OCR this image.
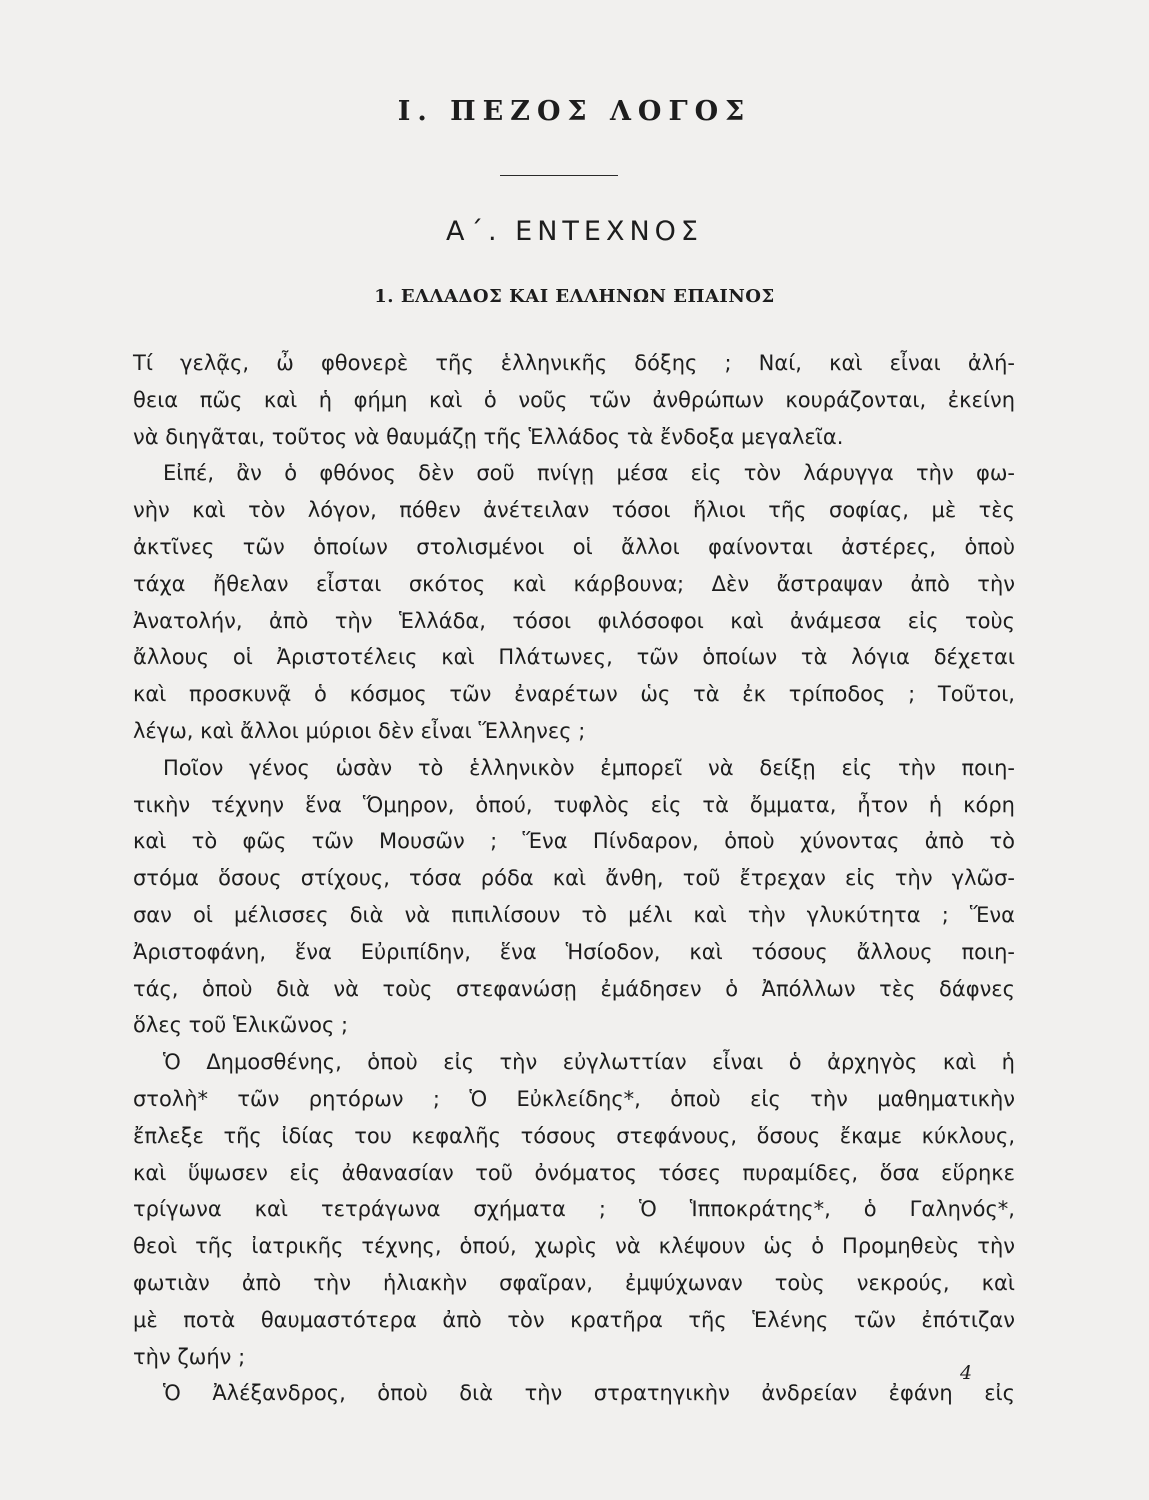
Ι. ΠΕΖΟΣ ΛΟΓΟΣ
Α΄. ΕΝΤΕΧΝΟΣ
1. ΕΛΛΑΔΟΣ ΚΑΙ ΕΛΛΗΝΩΝ ΕΠΑΙΝΟΣ
Τί γελᾷς, ὦ φθονερὲ τῆς ἑλληνικῆς δόξης ; Ναί, καὶ εἶναι ἀλή-
θεια πῶς καὶ ἡ φήμη καὶ ὁ νοῦς τῶν ἀνθρώπων κουράζονται, ἐκείνη
νὰ διηγᾶται, τοῦτος νὰ θαυμάζῃ τῆς Ἑλλάδος τὰ ἔνδοξα μεγαλεῖα.
Εἰπέ, ἂν ὁ φθόνος δὲν σοῦ πνίγῃ μέσα εἰς τὸν λάρυγγα τὴν φω-
νὴν καὶ τὸν λόγον, πόθεν ἀνέτειλαν τόσοι ἥλιοι τῆς σοφίας, μὲ τὲς
ἀκτῖνες τῶν ὁποίων στολισμένοι οἱ ἄλλοι φαίνονται ἀστέρες, ὁποὺ
τάχα ἤθελαν εἶσται σκότος καὶ κάρβουνα; Δὲν ἄστραψαν ἀπὸ τὴν
Ἀνατολήν, ἀπὸ τὴν Ἑλλάδα, τόσοι φιλόσοφοι καὶ ἀνάμεσα εἰς τοὺς
ἄλλους οἱ Ἀριστοτέλεις καὶ Πλάτωνες, τῶν ὁποίων τὰ λόγια δέχεται
καὶ προσκυνᾷ ὁ κόσμος τῶν ἐναρέτων ὡς τὰ ἐκ τρίποδος ; Τοῦτοι,
λέγω, καὶ ἄλλοι μύριοι δὲν εἶναι Ἕλληνες ;
Ποῖον γένος ὡσὰν τὸ ἑλληνικὸν ἐμπορεῖ νὰ δείξῃ εἰς τὴν ποιη-
τικὴν τέχνην ἕνα Ὅμηρον, ὁπού, τυφλὸς εἰς τὰ ὄμματα, ἦτον ἡ κόρη
καὶ τὸ φῶς τῶν Μουσῶν ; Ἕνα Πίνδαρον, ὁποὺ χύνοντας ἀπὸ τὸ
στόμα ὅσους στίχους, τόσα ρόδα καὶ ἄνθη, τοῦ ἔτρεχαν εἰς τὴν γλῶσ-
σαν οἱ μέλισσες διὰ νὰ πιπιλίσουν τὸ μέλι καὶ τὴν γλυκύτητα ; Ἕνα
Ἀριστοφάνη, ἕνα Εὐριπίδην, ἕνα Ἡσίοδον, καὶ τόσους ἄλλους ποιη-
τάς, ὁποὺ διὰ νὰ τοὺς στεφανώσῃ ἐμάδησεν ὁ Ἀπόλλων τὲς δάφνες
ὅλες τοῦ Ἑλικῶνος ;
Ὁ Δημοσθένης, ὁποὺ εἰς τὴν εὐγλωττίαν εἶναι ὁ ἀρχηγὸς καὶ ἡ
στολὴ* τῶν ρητόρων ; Ὁ Εὐκλείδης*, ὁποὺ εἰς τὴν μαθηματικὴν
ἔπλεξε τῆς ἰδίας του κεφαλῆς τόσους στεφάνους, ὅσους ἔκαμε κύκλους,
καὶ ὕψωσεν εἰς ἀθανασίαν τοῦ ὀνόματος τόσες πυραμίδες, ὅσα εὕρηκε
τρίγωνα καὶ τετράγωνα σχήματα ; Ὁ Ἱπποκράτης*, ὁ Γαληνός*,
θεοὶ τῆς ἰατρικῆς τέχνης, ὁπού, χωρὶς νὰ κλέψουν ὡς ὁ Προμηθεὺς τὴν
φωτιὰν ἀπὸ τὴν ἡλιακὴν σφαῖραν, ἐμψύχωναν τοὺς νεκρούς, καὶ
μὲ ποτὰ θαυμαστότερα ἀπὸ τὸν κρατῆρα τῆς Ἑλένης τῶν ἐπότιζαν
τὴν ζωήν ;
Ὁ Ἀλέξανδρος, ὁποὺ διὰ τὴν στρατηγικὴν ἀνδρείαν ἐφάνη εἰς
4
